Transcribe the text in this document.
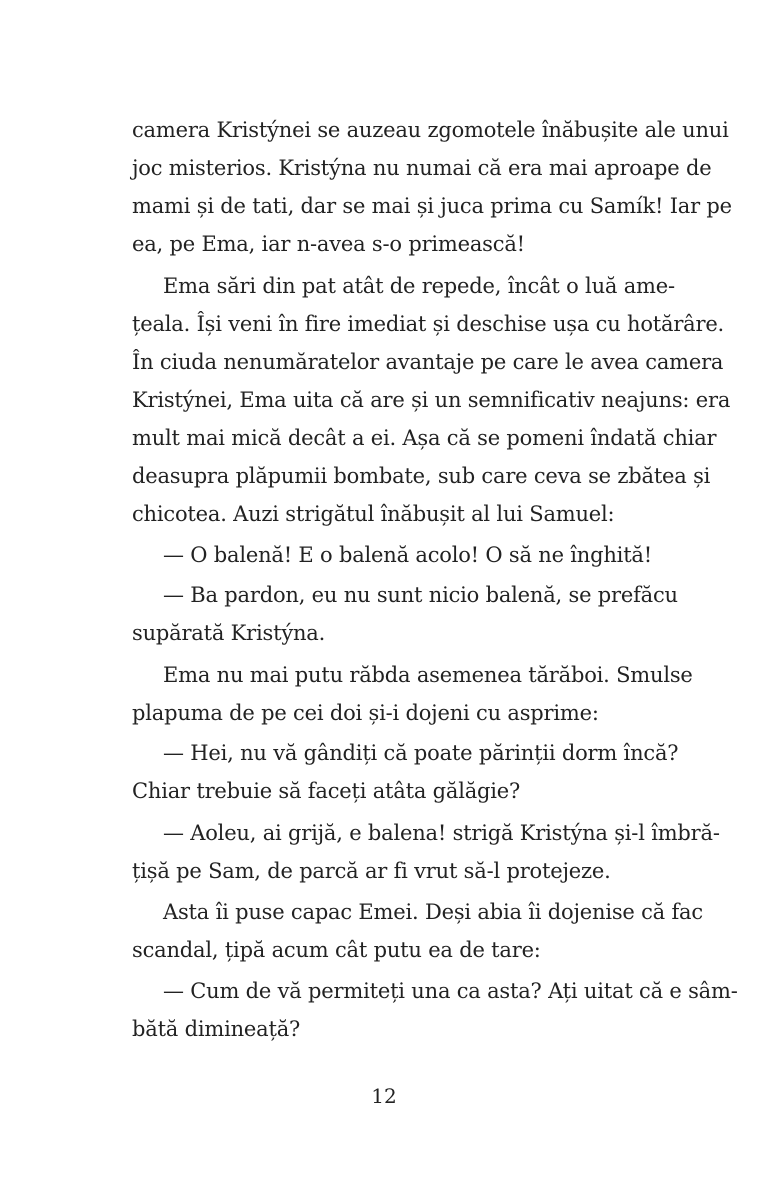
camera Kristýnei se auzeau zgomotele înăbușite ale unui
joc misterios. Kristýna nu numai că era mai aproape de
mami și de tati, dar se mai și juca prima cu Samík! Iar pe
ea, pe Ema, iar n-avea s-o primească!
Ema sări din pat atât de repede, încât o luă ame-
țeala. Își veni în fire imediat și deschise ușa cu hotărâre.
În ciuda nenumăratelor avantaje pe care le avea camera
Kristýnei, Ema uita că are și un semnificativ neajuns: era
mult mai mică decât a ei. Așa că se pomeni îndată chiar
deasupra plăpumii bombate, sub care ceva se zbătea și
chicotea. Auzi strigătul înăbușit al lui Samuel:
— O balenă! E o balenă acolo! O să ne înghită!
— Ba pardon, eu nu sunt nicio balenă, se prefăcu
supărată Kristýna.
Ema nu mai putu răbda asemenea tărăboi. Smulse
plapuma de pe cei doi și-i dojeni cu asprime:
— Hei, nu vă gândiți că poate părinții dorm încă?
Chiar trebuie să faceți atâta gălăgie?
— Aoleu, ai grijă, e balena! strigă Kristýna și-l îmbră-
țișă pe Sam, de parcă ar fi vrut să-l protejeze.
Asta îi puse capac Emei. Deși abia îi dojenise că fac
scandal, țipă acum cât putu ea de tare:
— Cum de vă permiteți una ca asta? Ați uitat că e sâm-
bătă dimineață?
12
